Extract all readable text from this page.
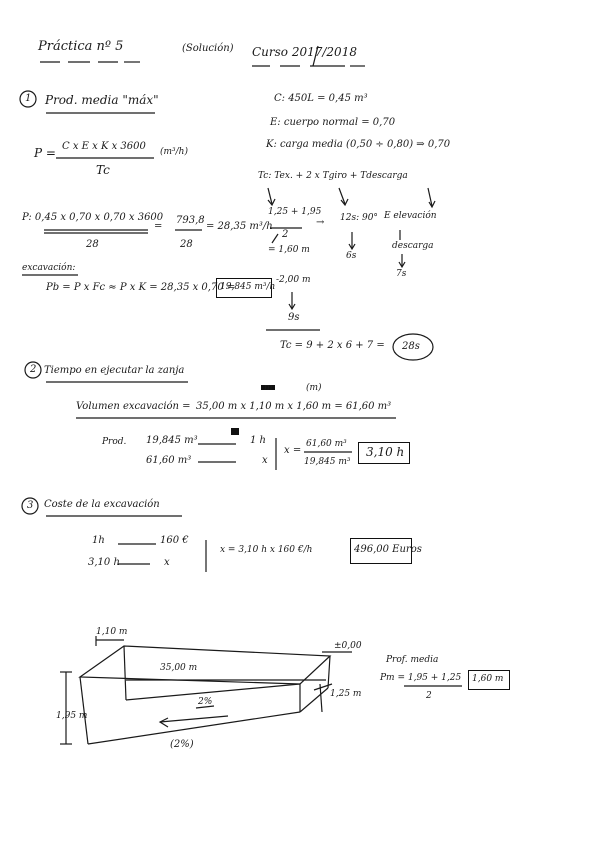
Práctica nº 5	(Solución) Curso 2017/2018
1 Prod. media "máx"	C: 450L = 0,45 m³
E: cuerpo normal = 0,70
K: carga media (0,50 ÷ 0,80) ⇒ 0,70
P = C x E x K x 3600
Tc
(m³/h)
Tc: Tex. + 2 x Tgiro + Tdescarga
P: 0,45 x 0,70 x 0,70 x 3600
=
28
793,8
28
= 28,35 m³/h
1,25 + 1,95
2
= 1,60 m
→ 12s: 90°
6s
E elevación
descarga
7s
excavación:
Pb = P x Fc ≈ P x K = 28,35 x 0,70 =
19,845 m³/h
-2,00 m
9s
Tc = 9 + 2 x 6 + 7 = 28s
2 Tiempo en ejecutar la zanja
m	(m)
Volumen excavación = 35,00 m x 1,10 m x 1,60 m = 61,60 m³
Prod. 19,845 m³	1 h
61,60 m³	x
x =
61,60 m³
19,845 m³
3,10 h
3 Coste de la excavación
1h	160 €
3,10 h	x
x = 3,10 h x 160 €/h	496,00 Euros
1,10 m
±0,00
35,00 m
1,95 m
1,25 m
2%
(2%)
Prof. media
Pm = 1,95 + 1,25
2
1,60 m
